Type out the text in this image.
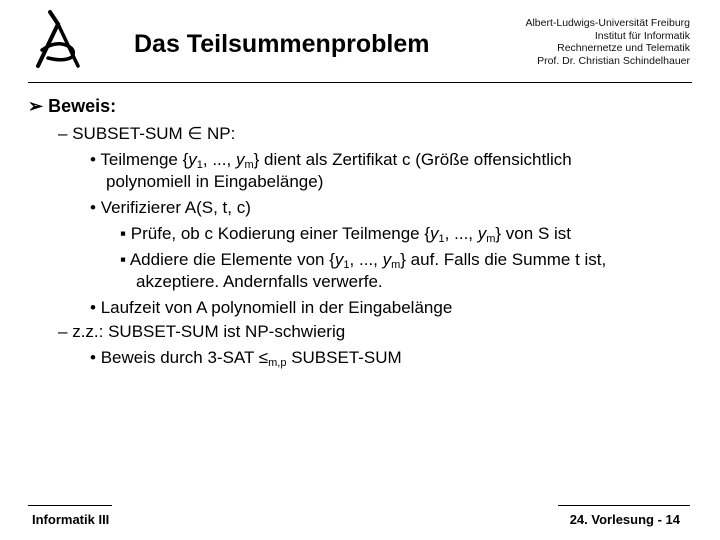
Das Teilsummenproblem
Albert-Ludwigs-Universität Freiburg
Institut für Informatik
Rechnernetze und Telematik
Prof. Dr. Christian Schindelhauer
➢ Beweis:
– SUBSET-SUM ∈ NP:
• Teilmenge {$y_1$, ..., $y_m$} dient als Zertifikat c (Größe offensichtlich
polynomiell in Eingabelänge)
• Verifizierer A(S, t, c)
▪ Prüfe, ob c Kodierung einer Teilmenge {$y_1$, ..., $y_m$} von S ist
▪ Addiere die Elemente von {$y_1$, ..., $y_m$} auf. Falls die Summe t ist,
akzeptiere. Andernfalls verwerfe.
• Laufzeit von A polynomiell in der Eingabelänge
– z.z.: SUBSET-SUM ist NP-schwierig
• Beweis durch $3-SAT \le_{m,p}$ SUBSET-SUM
Informatik III	24. Vorlesung - 14
